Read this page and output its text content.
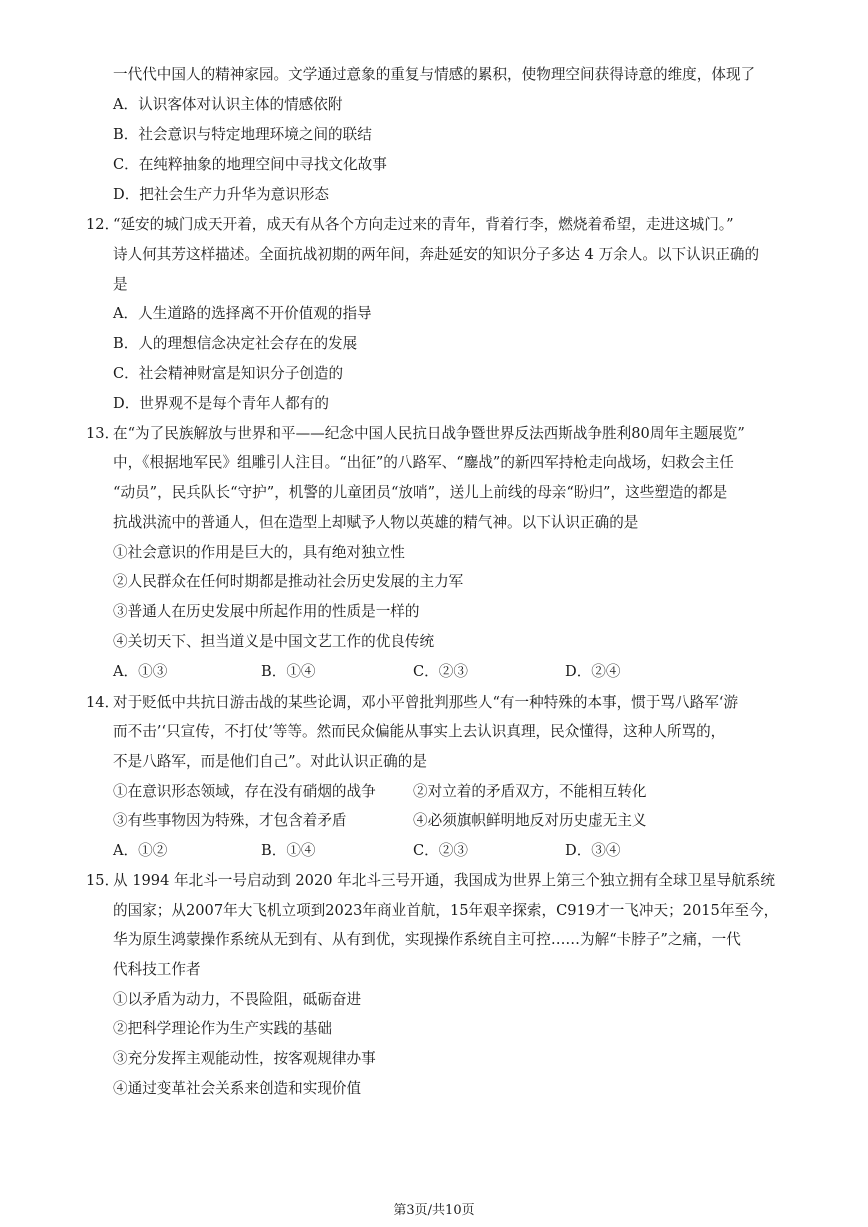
一代代中国人的精神家园。文学通过意象的重复与情感的累积，使物理空间获得诗意的维度，体现了
A．认识客体对认识主体的情感依附
B．社会意识与特定地理环境之间的联结
C．在纯粹抽象的地理空间中寻找文化故事
D．把社会生产力升华为意识形态
12．
“延安的城门成天开着，成天有从各个方向走过来的青年，背着行李，燃烧着希望，走进这城门。”
诗人何其芳这样描述。全面抗战初期的两年间，奔赴延安的知识分子多达 4 万余人。以下认识正确的
是
A．人生道路的选择离不开价值观的指导
B．人的理想信念决定社会存在的发展
C．社会精神财富是知识分子创造的
D．世界观不是每个青年人都有的
13．
在“为了民族解放与世界和平——纪念中国人民抗日战争暨世界反法西斯战争胜利80周年主题展览”
中，《根据地军民》组雕引人注目。“出征”的八路军、“鏖战”的新四军持枪走向战场，妇救会主任
“动员”，民兵队长“守护”，机警的儿童团员“放哨”，送儿上前线的母亲“盼归”，这些塑造的都是
抗战洪流中的普通人，但在造型上却赋予人物以英雄的精气神。以下认识正确的是
①社会意识的作用是巨大的，具有绝对独立性
②人民群众在任何时期都是推动社会历史发展的主力军
③普通人在历史发展中所起作用的性质是一样的
④关切天下、担当道义是中国文艺工作的优良传统
A．①③	B．①④	C．②③	D．②④
14．
对于贬低中共抗日游击战的某些论调，邓小平曾批判那些人“有一种特殊的本事，惯于骂八路军‘游
而不击’‘只宣传，不打仗’等等。然而民众偏能从事实上去认识真理，民众懂得，这种人所骂的，
不是八路军，而是他们自己”。对此认识正确的是
①在意识形态领域，存在没有硝烟的战争	②对立着的矛盾双方，不能相互转化
③有些事物因为特殊，才包含着矛盾	④必须旗帜鲜明地反对历史虚无主义
A．①②	B．①④	C．②③	D．③④
15．
从 1994 年北斗一号启动到 2020 年北斗三号开通，我国成为世界上第三个独立拥有全球卫星导航系统
的国家；从2007年大飞机立项到2023年商业首航，15年艰辛探索，C919才一飞冲天；2015年至今，
华为原生鸿蒙操作系统从无到有、从有到优，实现操作系统自主可控……为解“卡脖子”之痛，一代
代科技工作者
①以矛盾为动力，不畏险阻，砥砺奋进
②把科学理论作为生产实践的基础
③充分发挥主观能动性，按客观规律办事
④通过变革社会关系来创造和实现价值
第3页/共10页
